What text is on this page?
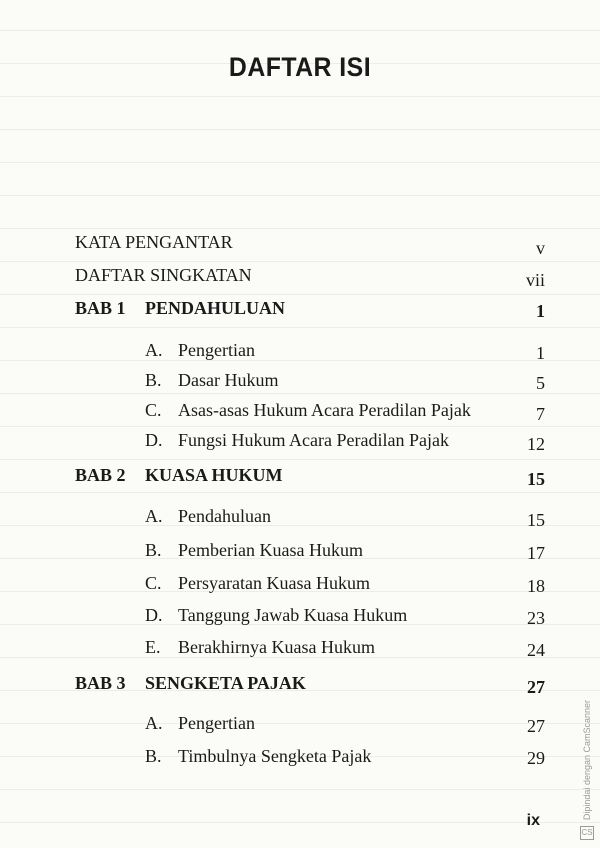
DAFTAR ISI
KATA PENGANTAR	v
DAFTAR SINGKATAN	vii
BAB 1 PENDAHULUAN	1
A. Pengertian	1
B. Dasar Hukum	5
C. Asas-asas Hukum Acara Peradilan Pajak	7
D. Fungsi Hukum Acara Peradilan Pajak	12
BAB 2 KUASA HUKUM	15
A. Pendahuluan	15
B. Pemberian Kuasa Hukum	17
C. Persyaratan Kuasa Hukum	18
D. Tanggung Jawab Kuasa Hukum	23
E. Berakhirnya Kuasa Hukum	24
BAB 3 SENGKETA PAJAK	27
A. Pengertian	27
B. Timbulnya Sengketa Pajak	29
ix
Dipindai dengan CamScanner
CS
